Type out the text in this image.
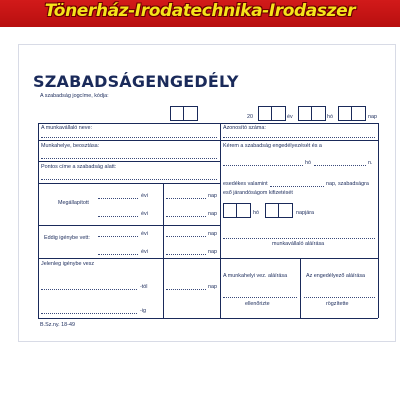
Tönerház-Irodatechnika-Irodaszer
SZABADSÁGENGEDÉLY
A szabadság jogcíme, kódja:
20	év	hó	nap
A munkavállaló neve:	Azonosító száma:
Munkahelye, beosztása:	Kérem a szabadság engedélyezését és a
hó	n.
Pontos címe a szabadság alatt:
Megállapított
évi	nap
évi	nap
Eddig igénybe vett:
évi	nap
évi	nap
Jelenleg igénybe vesz
-tól	nap
-ig
esedékes valamint	nap, szabadságra
eső járandóságom kifizetését
hó	napjára
munkavállaló aláírása
A munkahelyi vez. aláírása	Az engedélyező aláírása
ellenőrizte	rögzítette
B.Sz.ny. 18-49
